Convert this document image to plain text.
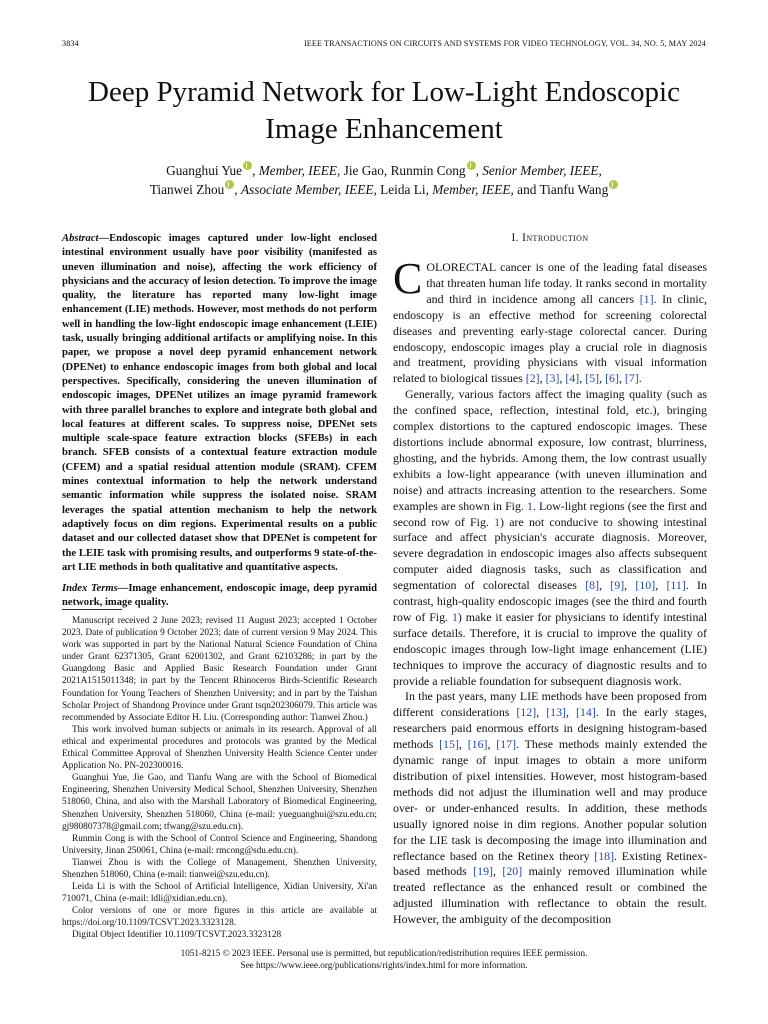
3834	IEEE TRANSACTIONS ON CIRCUITS AND SYSTEMS FOR VIDEO TECHNOLOGY, VOL. 34, NO. 5, MAY 2024
Deep Pyramid Network for Low-Light Endoscopic
Image Enhancement
Guanghui Yue , Member, IEEE, Jie Gao, Runmin Cong , Senior Member, IEEE,
Tianwei Zhou , Associate Member, IEEE, Leida Li, Member, IEEE, and Tianfu Wang
Abstract—Endoscopic images captured under low-light enclosed intestinal environment usually have poor visibility (manifested as uneven illumination and noise), affecting the work efficiency of physicians and the accuracy of lesion detection. To improve the image quality, the literature has reported many low-light image enhancement (LIE) methods. However, most methods do not perform well in handling the low-light endoscopic image enhancement (LEIE) task, usually bringing additional artifacts or amplifying noise. In this paper, we propose a novel deep pyramid enhancement network (DPENet) to enhance endoscopic images from both global and local perspectives. Specifically, considering the uneven illumination of endoscopic images, DPENet utilizes an image pyramid framework with three parallel branches to explore and integrate both global and local features at different scales. To suppress noise, DPENet sets multiple scale-space feature extraction blocks (SFEBs) in each branch. SFEB consists of a contextual feature extraction module (CFEM) and a spatial residual attention module (SRAM). CFEM mines contextual information to help the network understand semantic information while suppress the isolated noise. SRAM leverages the spatial attention mechanism to help the network adaptively focus on dim regions. Experimental results on a public dataset and our collected dataset show that DPENet is competent for the LEIE task with promising results, and outperforms 9 state-of-the-art LIE methods in both qualitative and quantitative aspects.
Index Terms—Image enhancement, endoscopic image, deep pyramid network, image quality.

Manuscript received 2 June 2023; revised 11 August 2023; accepted 1 October 2023. Date of publication 9 October 2023; date of current version 9 May 2024. This work was supported in part by the National Natural Science Foundation of China under Grant 62371305, Grant 62001302, and Grant 62103286; in part by the Guangdong Basic and Applied Basic Research Foundation under Grant 2021A1515011348; in part by the Tencent Rhinoceros Birds-Scientific Research Foundation for Young Teachers of Shenzhen University; and in part by the Taishan Scholar Project of Shandong Province under Grant tsqn202306079. This article was recommended by Associate Editor H. Liu. (Corresponding author: Tianwei Zhou.)

This work involved human subjects or animals in its research. Approval of all ethical and experimental procedures and protocols was granted by the Medical Ethical Committee Approval of Shenzhen University Health Science Center under Application No. PN-202300016.

Guanghui Yue, Jie Gao, and Tianfu Wang are with the School of Biomedical Engineering, Shenzhen University Medical School, Shenzhen University, Shenzhen 518060, China, and also with the Marshall Laboratory of Biomedical Engineering, Shenzhen University, Shenzhen 518060, China (e-mail: yueguanghui@szu.edu.cn; gj980807378@gmail.com; tfwang@szu.edu.cn).

Runmin Cong is with the School of Control Science and Engineering, Shandong University, Jinan 250061, China (e-mail: rmcong@sdu.edu.cn).

Tianwei Zhou is with the College of Management, Shenzhen University, Shenzhen 518060, China (e-mail: tianwei@szu.edu.cn).

Leida Li is with the School of Artificial Intelligence, Xidian University, Xi'an 710071, China (e-mail: ldli@xidian.edu.cn).

Color versions of one or more figures in this article are available at https://doi.org/10.1109/TCSVT.2023.3323128.

Digital Object Identifier 10.1109/TCSVT.2023.3323128

I. Introduction

COLORECTAL cancer is one of the leading fatal diseases that threaten human life today. It ranks second in mortality and third in incidence among all cancers [1]. In clinic, endoscopy is an effective method for screening colorectal diseases and preventing early-stage colorectal cancer. During endoscopy, endoscopic images play a crucial role in diagnosis and treatment, providing physicians with visual information related to biological tissues [2], [3], [4], [5], [6], [7].

Generally, various factors affect the imaging quality (such as the confined space, reflection, intestinal fold, etc.), bringing complex distortions to the captured endoscopic images. These distortions include abnormal exposure, low contrast, blurriness, ghosting, and the hybrids. Among them, the low contrast usually exhibits a low-light appearance (with uneven illumination and noise) and attracts increasing attention to the researchers. Some examples are shown in Fig. 1. Low-light regions (see the first and second row of Fig. 1) are not conducive to showing intestinal surface and affect physician's accurate diagnosis. Moreover, severe degradation in endoscopic images also affects subsequent computer aided diagnosis tasks, such as classification and segmentation of colorectal diseases [8], [9], [10], [11]. In contrast, high-quality endoscopic images (see the third and fourth row of Fig. 1) make it easier for physicians to identify intestinal surface details. Therefore, it is crucial to improve the quality of endoscopic images through low-light image enhancement (LIE) techniques to improve the accuracy of diagnostic results and to provide a reliable foundation for subsequent diagnosis work.

In the past years, many LIE methods have been proposed from different considerations [12], [13], [14]. In the early stages, researchers paid enormous efforts in designing histogram-based methods [15], [16], [17]. These methods mainly extended the dynamic range of input images to obtain a more uniform distribution of pixel intensities. However, most histogram-based methods did not adjust the illumination well and may produce over- or under-enhanced results. In addition, these methods usually ignored noise in dim regions. Another popular solution for the LIE task is decomposing the image into illumination and reflectance based on the Retinex theory [18]. Existing Retinex-based methods [19], [20] mainly removed illumination while treated reflectance as the enhanced result or combined the adjusted illumination with reflectance to obtain the result. However, the ambiguity of the decomposition

1051-8215 © 2023 IEEE. Personal use is permitted, but republication/redistribution requires IEEE permission.
See https://www.ieee.org/publications/rights/index.html for more information.
